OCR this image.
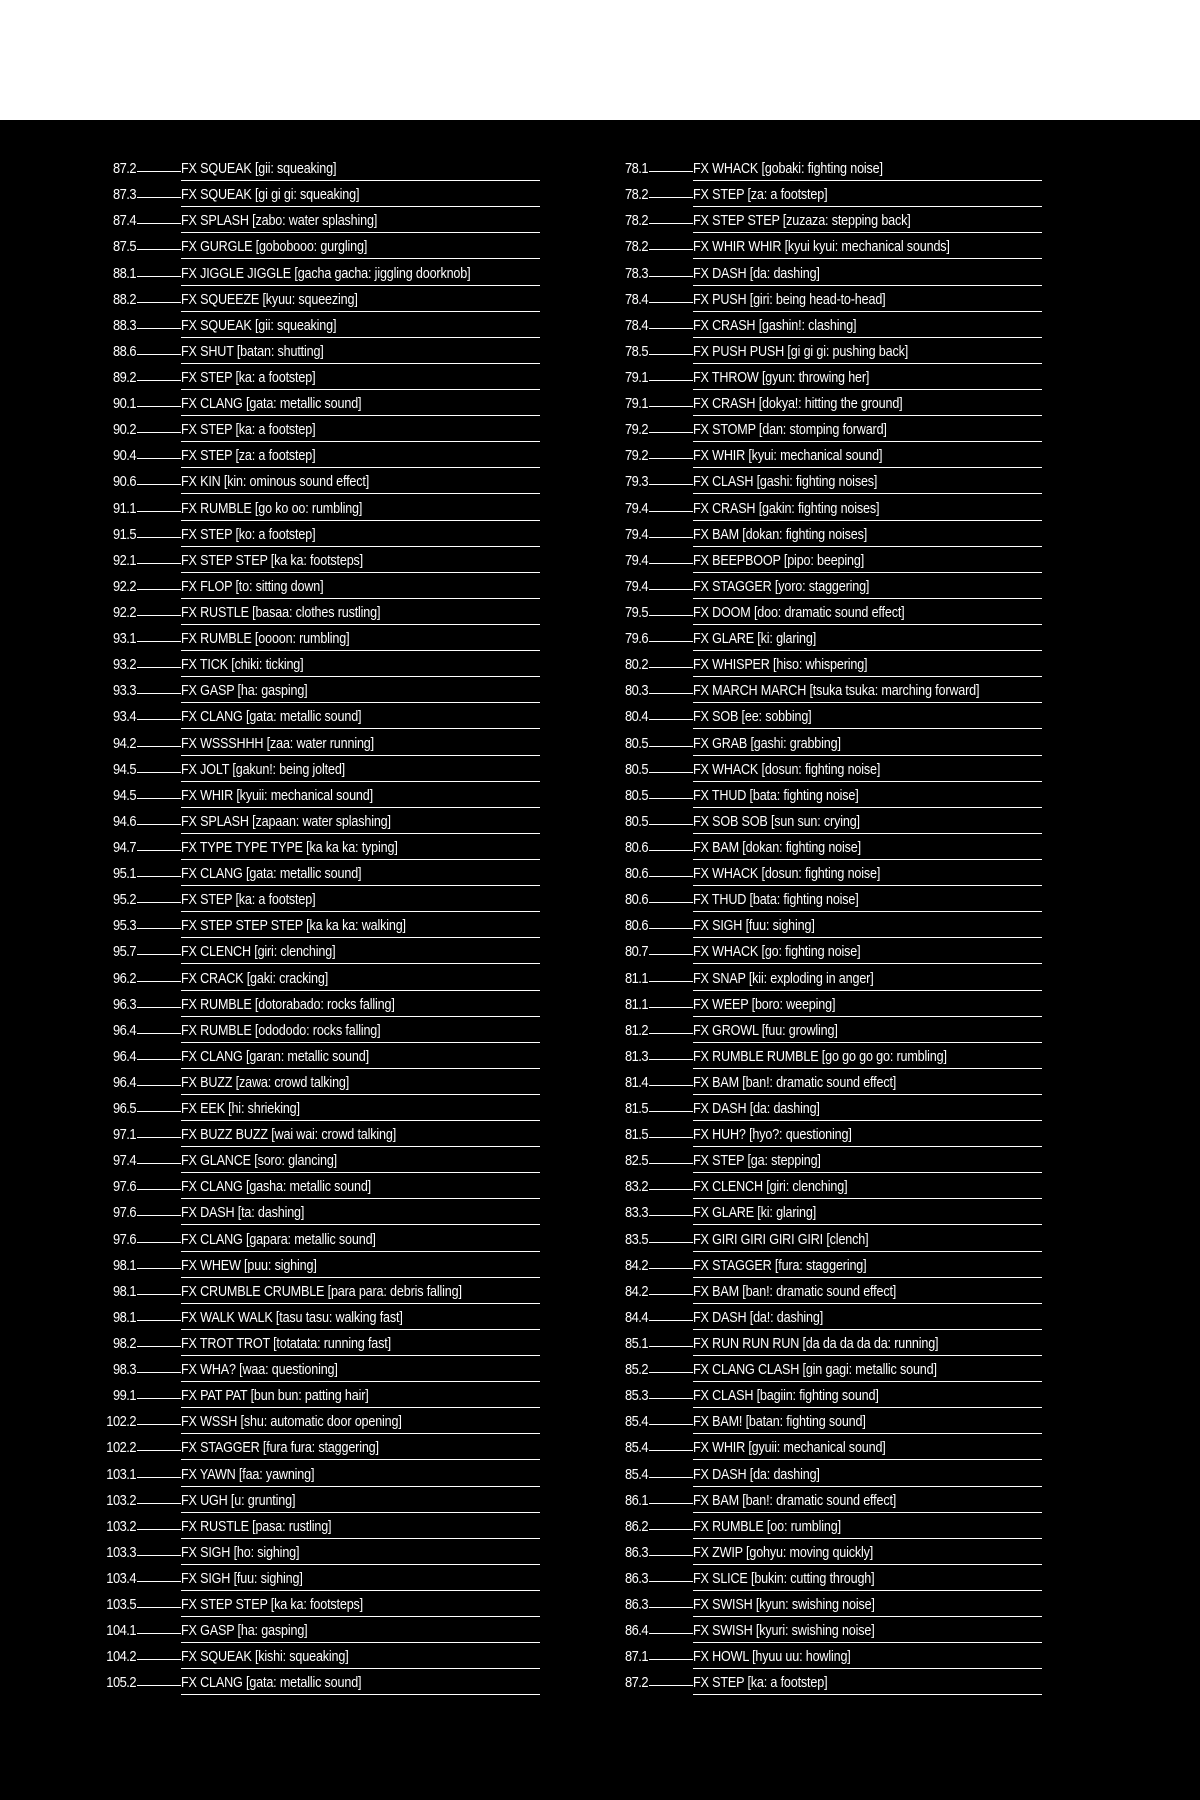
87.2	FX SQUEAK [gii: squeaking]
87.3	FX SQUEAK [gi gi gi: squeaking]
87.4	FX SPLASH [zabo: water splashing]
87.5	FX GURGLE [gobobooo: gurgling]
88.1	FX JIGGLE JIGGLE [gacha gacha: jiggling doorknob]
88.2	FX SQUEEZE [kyuu: squeezing]
88.3	FX SQUEAK [gii: squeaking]
88.6	FX SHUT [batan: shutting]
89.2	FX STEP [ka: a footstep]
90.1	FX CLANG [gata: metallic sound]
90.2	FX STEP [ka: a footstep]
90.4	FX STEP [za: a footstep]
90.6	FX KIN [kin: ominous sound effect]
91.1	FX RUMBLE [go ko oo: rumbling]
91.5	FX STEP [ko: a footstep]
92.1	FX STEP STEP [ka ka: footsteps]
92.2	FX FLOP [to: sitting down]
92.2	FX RUSTLE [basaa: clothes rustling]
93.1	FX RUMBLE [oooon: rumbling]
93.2	FX TICK [chiki: ticking]
93.3	FX GASP [ha: gasping]
93.4	FX CLANG [gata: metallic sound]
94.2	FX WSSSHHH [zaa: water running]
94.5	FX JOLT [gakun!: being jolted]
94.5	FX WHIR [kyuii: mechanical sound]
94.6	FX SPLASH [zapaan: water splashing]
94.7	FX TYPE TYPE TYPE [ka ka ka: typing]
95.1	FX CLANG [gata: metallic sound]
95.2	FX STEP [ka: a footstep]
95.3	FX STEP STEP STEP [ka ka ka: walking]
95.7	FX CLENCH [giri: clenching]
96.2	FX CRACK [gaki: cracking]
96.3	FX RUMBLE [dotorabado: rocks falling]
96.4	FX RUMBLE [odododo: rocks falling]
96.4	FX CLANG [garan: metallic sound]
96.4	FX BUZZ [zawa: crowd talking]
96.5	FX EEK [hi: shrieking]
97.1	FX BUZZ BUZZ [wai wai: crowd talking]
97.4	FX GLANCE [soro: glancing]
97.6	FX CLANG [gasha: metallic sound]
97.6	FX DASH [ta: dashing]
97.6	FX CLANG [gapara: metallic sound]
98.1	FX WHEW [puu: sighing]
98.1	FX CRUMBLE CRUMBLE [para para: debris falling]
98.1	FX WALK WALK [tasu tasu: walking fast]
98.2	FX TROT TROT [totatata: running fast]
98.3	FX WHA? [waa: questioning]
99.1	FX PAT PAT [bun bun: patting hair]
102.2	FX WSSH [shu: automatic door opening]
102.2	FX STAGGER [fura fura: staggering]
103.1	FX YAWN [faa: yawning]
103.2	FX UGH [u: grunting]
103.2	FX RUSTLE [pasa: rustling]
103.3	FX SIGH [ho: sighing]
103.4	FX SIGH [fuu: sighing]
103.5	FX STEP STEP [ka ka: footsteps]
104.1	FX GASP [ha: gasping]
104.2	FX SQUEAK [kishi: squeaking]
105.2	FX CLANG [gata: metallic sound]
78.1	FX WHACK [gobaki: fighting noise]
78.2	FX STEP [za: a footstep]
78.2	FX STEP STEP [zuzaza: stepping back]
78.2	FX WHIR WHIR [kyui kyui: mechanical sounds]
78.3	FX DASH [da: dashing]
78.4	FX PUSH [giri: being head-to-head]
78.4	FX CRASH [gashin!: clashing]
78.5	FX PUSH PUSH [gi gi gi: pushing back]
79.1	FX THROW [gyun: throwing her]
79.1	FX CRASH [dokya!: hitting the ground]
79.2	FX STOMP [dan: stomping forward]
79.2	FX WHIR [kyui: mechanical sound]
79.3	FX CLASH [gashi: fighting noises]
79.4	FX CRASH [gakin: fighting noises]
79.4	FX BAM [dokan: fighting noises]
79.4	FX BEEPBOOP [pipo: beeping]
79.4	FX STAGGER [yoro: staggering]
79.5	FX DOOM [doo: dramatic sound effect]
79.6	FX GLARE [ki: glaring]
80.2	FX WHISPER [hiso: whispering]
80.3	FX MARCH MARCH [tsuka tsuka: marching forward]
80.4	FX SOB [ee: sobbing]
80.5	FX GRAB [gashi: grabbing]
80.5	FX WHACK [dosun: fighting noise]
80.5	FX THUD [bata: fighting noise]
80.5	FX SOB SOB [sun sun: crying]
80.6	FX BAM [dokan: fighting noise]
80.6	FX WHACK [dosun: fighting noise]
80.6	FX THUD [bata: fighting noise]
80.6	FX SIGH [fuu: sighing]
80.7	FX WHACK [go: fighting noise]
81.1	FX SNAP [kii: exploding in anger]
81.1	FX WEEP [boro: weeping]
81.2	FX GROWL [fuu: growling]
81.3	FX RUMBLE RUMBLE [go go go go: rumbling]
81.4	FX BAM [ban!: dramatic sound effect]
81.5	FX DASH [da: dashing]
81.5	FX HUH? [hyo?: questioning]
82.5	FX STEP [ga: stepping]
83.2	FX CLENCH [giri: clenching]
83.3	FX GLARE [ki: glaring]
83.5	FX GIRI GIRI GIRI GIRI [clench]
84.2	FX STAGGER [fura: staggering]
84.2	FX BAM [ban!: dramatic sound effect]
84.4	FX DASH [da!: dashing]
85.1	FX RUN RUN RUN [da da da da da: running]
85.2	FX CLANG CLASH [gin gagi: metallic sound]
85.3	FX CLASH [bagiin: fighting sound]
85.4	FX BAM! [batan: fighting sound]
85.4	FX WHIR [gyuii: mechanical sound]
85.4	FX DASH [da: dashing]
86.1	FX BAM [ban!: dramatic sound effect]
86.2	FX RUMBLE [oo: rumbling]
86.3	FX ZWIP [gohyu: moving quickly]
86.3	FX SLICE [bukin: cutting through]
86.3	FX SWISH [kyun: swishing noise]
86.4	FX SWISH [kyuri: swishing noise]
87.1	FX HOWL [hyuu uu: howling]
87.2	FX STEP [ka: a footstep]
